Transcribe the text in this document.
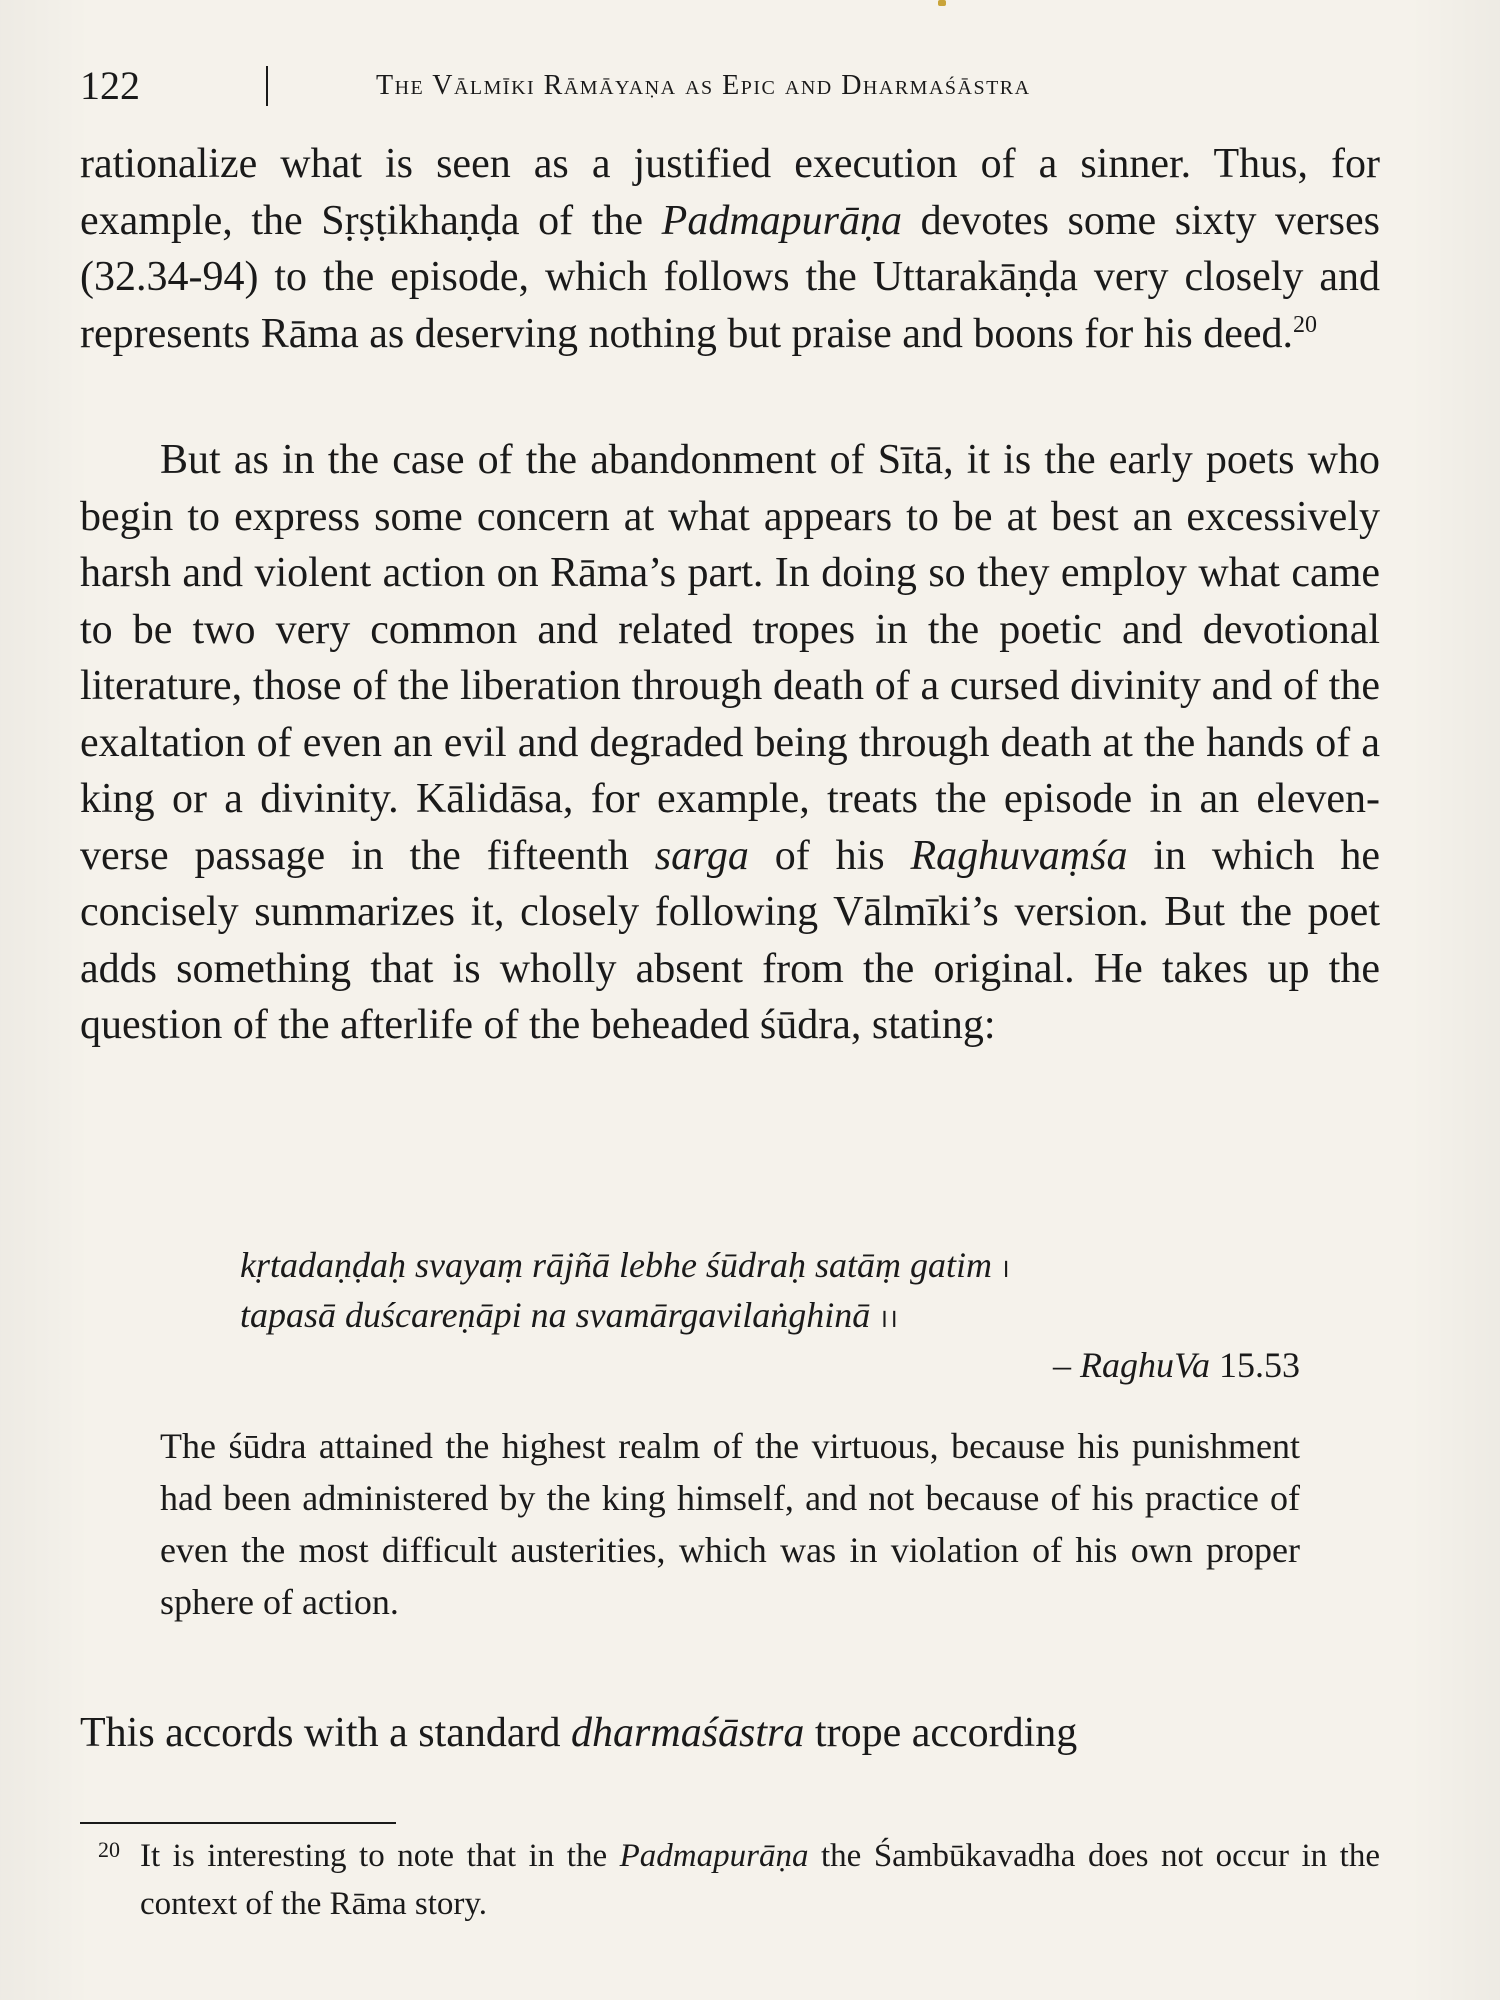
122	The Vālmīki Rāmāyaṇa as Epic and Dharmaśāstra

rationalize what is seen as a justified execution of a sinner. Thus, for example, the Sṛṣṭikhaṇḍa of the Padmapurāṇa devotes some sixty verses (32.34-94) to the episode, which follows the Uttarakāṇḍa very closely and represents Rāma as deserving nothing but praise and boons for his deed.$^{20}$

But as in the case of the abandonment of Sītā, it is the early poets who begin to express some concern at what appears to be at best an excessively harsh and violent action on Rāma’s part. In doing so they employ what came to be two very common and related tropes in the poetic and devotional literature, those of the liberation through death of a cursed divinity and of the exaltation of even an evil and degraded being through death at the hands of a king or a divinity. Kālidāsa, for example, treats the episode in an eleven-verse passage in the fifteenth sarga of his Raghuvaṃśa in which he concisely summarizes it, closely following Vālmīki’s version. But the poet adds something that is wholly absent from the original. He takes up the question of the afterlife of the beheaded śūdra, stating:

kṛtadaṇḍaḥ svayaṃ rājñā lebhe śūdraḥ satāṃ gatim ।
tapasā duścareṇāpi na svamārgavilaṅghinā ।।
– RaghuVa 15.53

The śūdra attained the highest realm of the virtuous, because his punishment had been administered by the king himself, and not because of his practice of even the most difficult austerities, which was in violation of his own proper sphere of action.

This accords with a standard dharmaśāstra trope according

20 It is interesting to note that in the Padmapurāṇa the Śambūkavadha does not occur in the context of the Rāma story.
